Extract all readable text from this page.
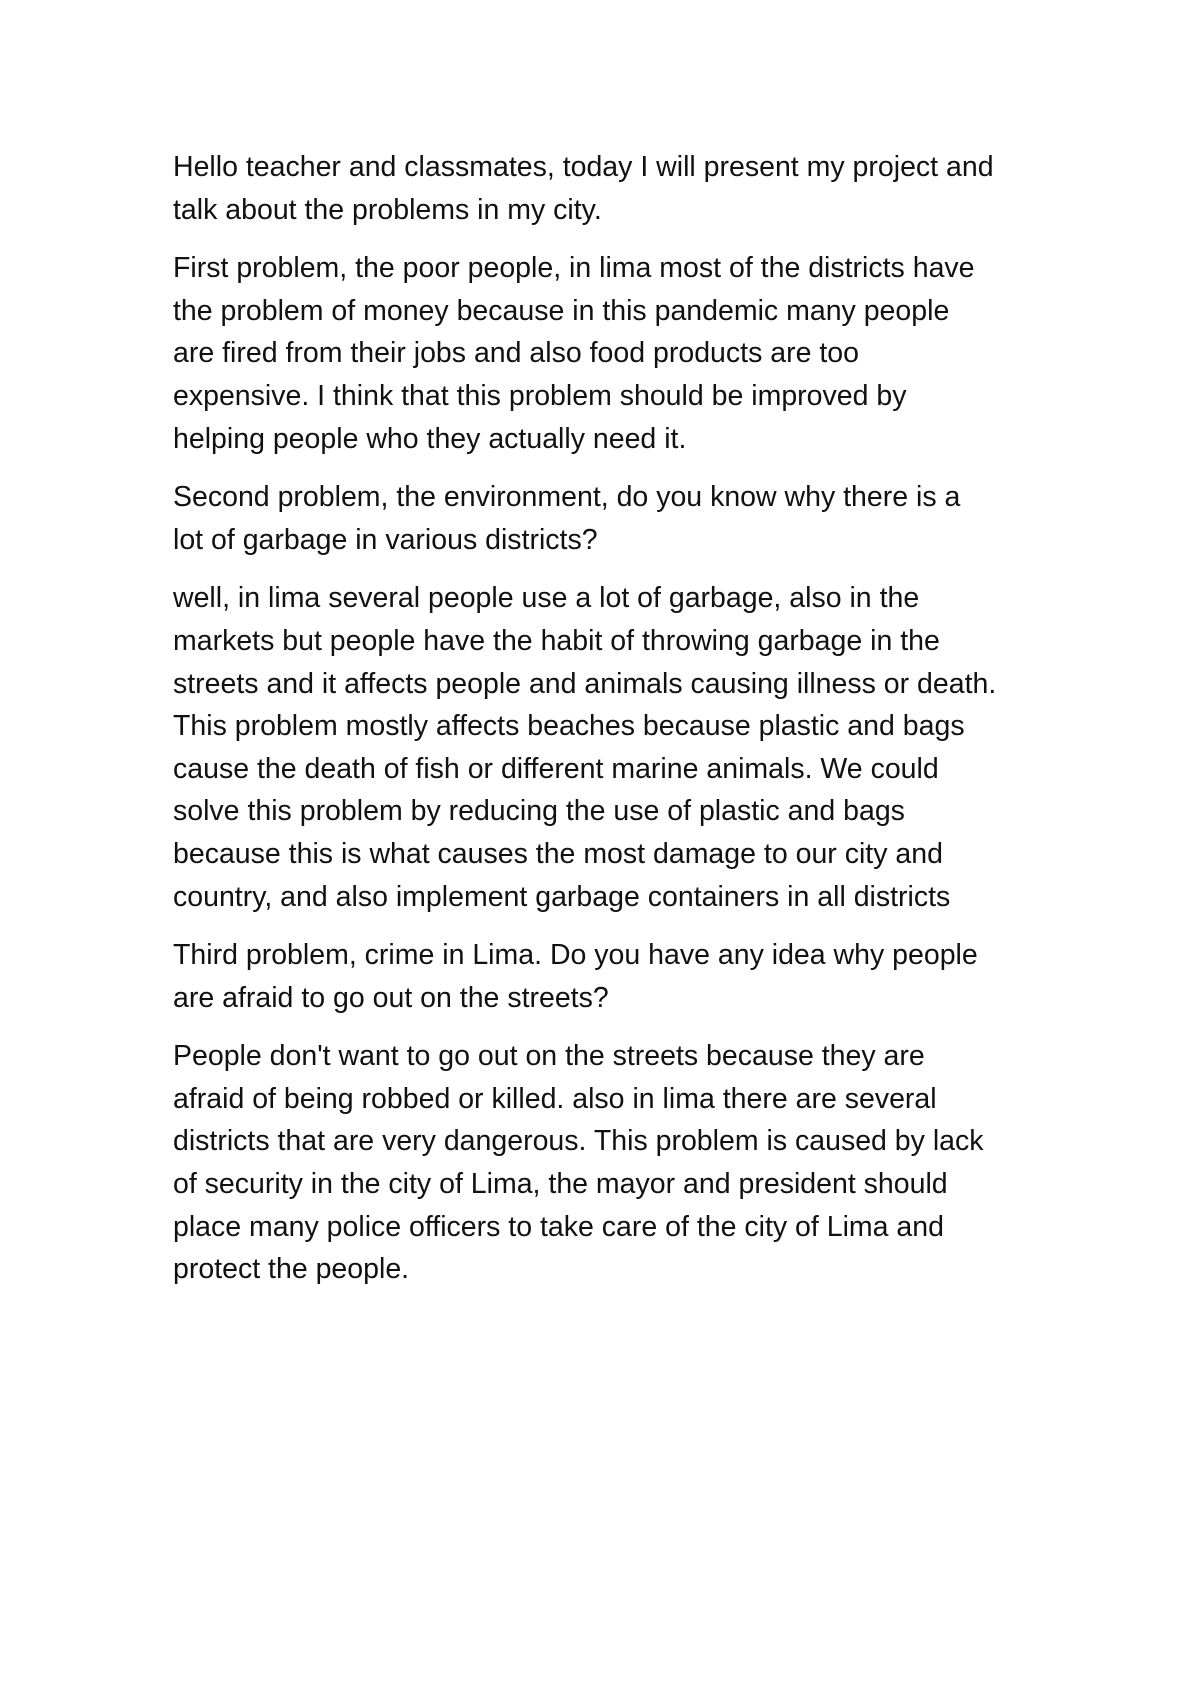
Hello teacher and classmates, today I will present my project and
talk about the problems in my city.

First problem, the poor people, in lima most of the districts have
the problem of money because in this pandemic many people
are fired from their jobs and also food products are too
expensive. I think that this problem should be improved by
helping people who they actually need it.

Second problem, the environment, do you know why there is a
lot of garbage in various districts?

well, in lima several people use a lot of garbage, also in the
markets but people have the habit of throwing garbage in the
streets and it affects people and animals causing illness or death.
This problem mostly affects beaches because plastic and bags
cause the death of fish or different marine animals. We could
solve this problem by reducing the use of plastic and bags
because this is what causes the most damage to our city and
country, and also implement garbage containers in all districts

Third problem, crime in Lima. Do you have any idea why people
are afraid to go out on the streets?

People don't want to go out on the streets because they are
afraid of being robbed or killed. also in lima there are several
districts that are very dangerous. This problem is caused by lack
of security in the city of Lima, the mayor and president should
place many police officers to take care of the city of Lima and
protect the people.
